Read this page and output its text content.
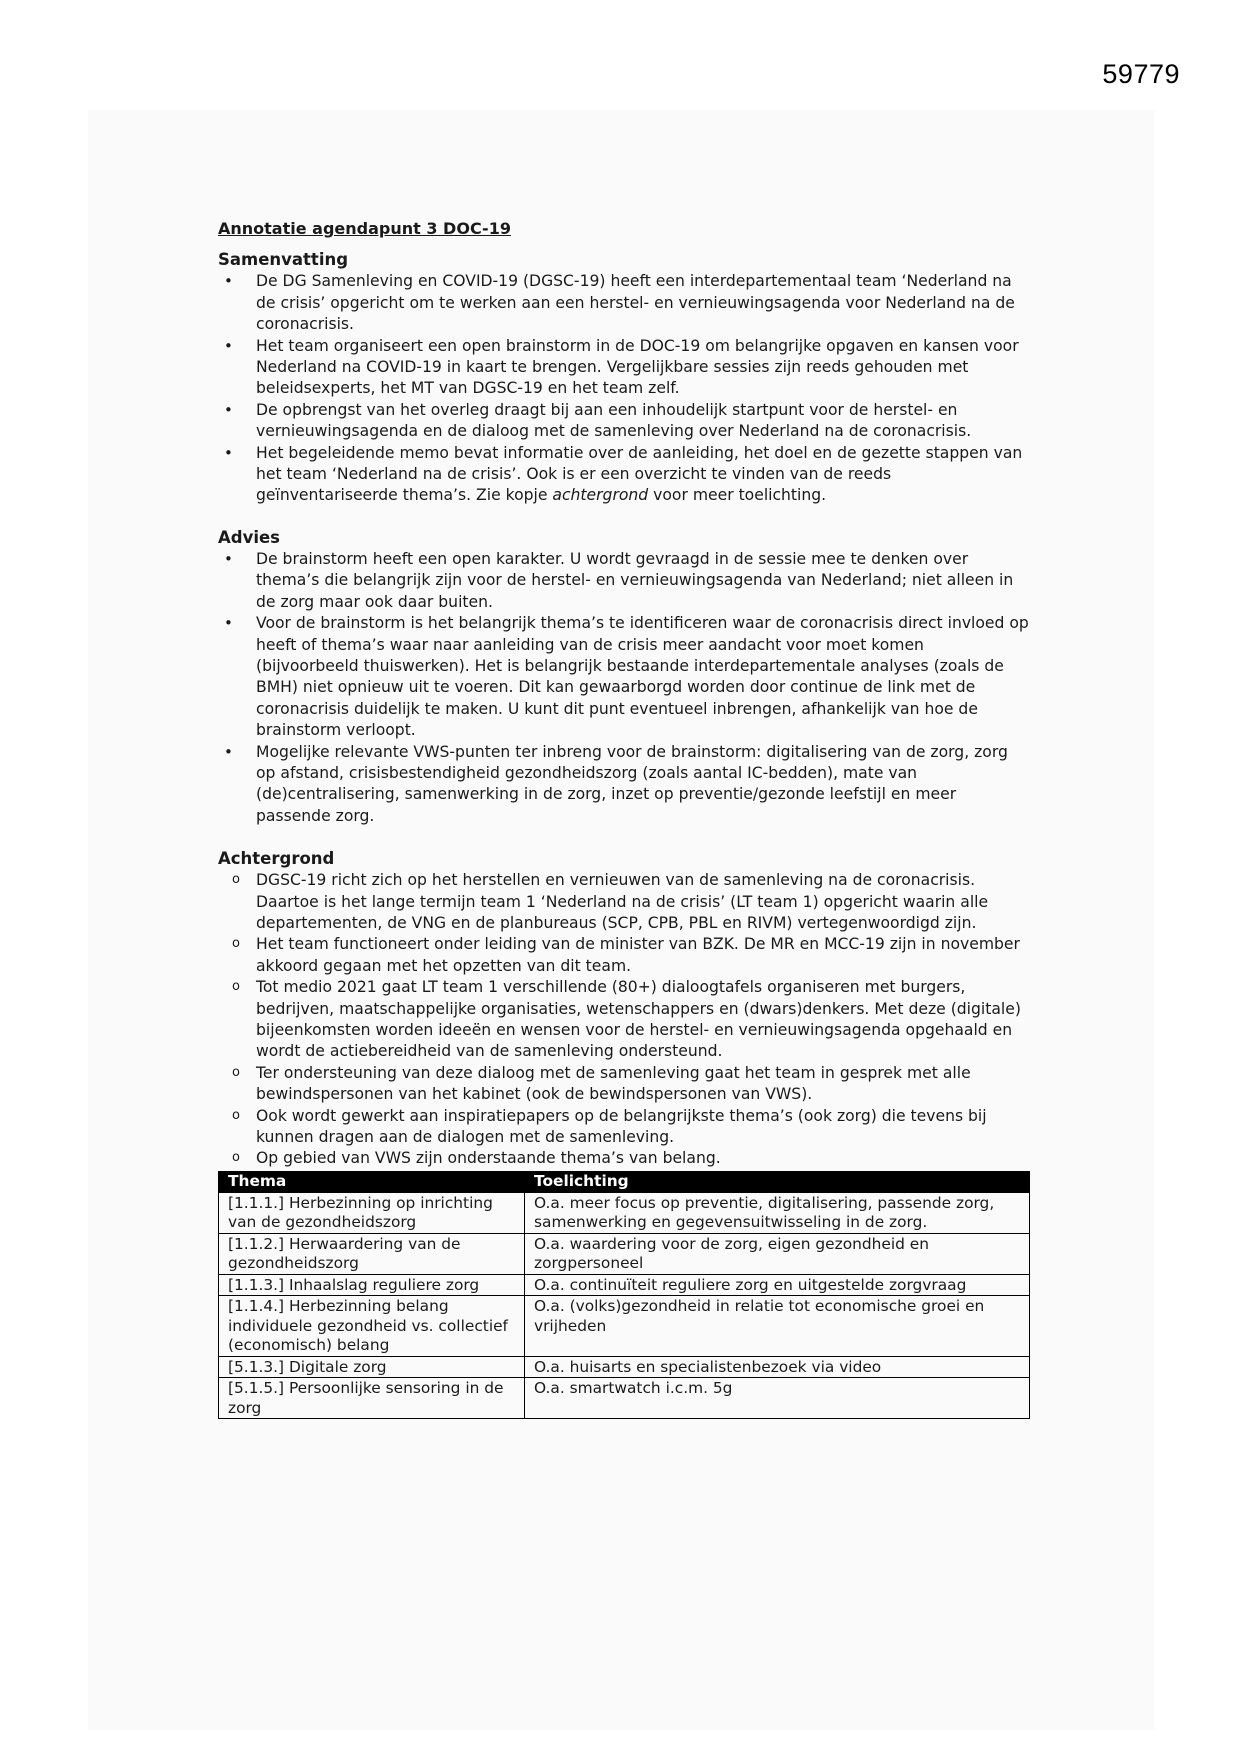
59779
Annotatie agendapunt 3 DOC-19
Samenvatting
• De DG Samenleving en COVID-19 (DGSC-19) heeft een interdepartementaal team ‘Nederland na de crisis’ opgericht om te werken aan een herstel- en vernieuwingsagenda voor Nederland na de coronacrisis.
• Het team organiseert een open brainstorm in de DOC-19 om belangrijke opgaven en kansen voor Nederland na COVID-19 in kaart te brengen. Vergelijkbare sessies zijn reeds gehouden met beleidsexperts, het MT van DGSC-19 en het team zelf.
• De opbrengst van het overleg draagt bij aan een inhoudelijk startpunt voor de herstel- en vernieuwingsagenda en de dialoog met de samenleving over Nederland na de coronacrisis.
• Het begeleidende memo bevat informatie over de aanleiding, het doel en de gezette stappen van het team ‘Nederland na de crisis’. Ook is er een overzicht te vinden van de reeds geïnventariseerde thema’s. Zie kopje achtergrond voor meer toelichting.
Advies
• De brainstorm heeft een open karakter. U wordt gevraagd in de sessie mee te denken over thema’s die belangrijk zijn voor de herstel- en vernieuwingsagenda van Nederland; niet alleen in de zorg maar ook daar buiten.
• Voor de brainstorm is het belangrijk thema’s te identificeren waar de coronacrisis direct invloed op heeft of thema’s waar naar aanleiding van de crisis meer aandacht voor moet komen (bijvoorbeeld thuiswerken). Het is belangrijk bestaande interdepartementale analyses (zoals de BMH) niet opnieuw uit te voeren. Dit kan gewaarborgd worden door continue de link met de coronacrisis duidelijk te maken. U kunt dit punt eventueel inbrengen, afhankelijk van hoe de brainstorm verloopt.
• Mogelijke relevante VWS-punten ter inbreng voor de brainstorm: digitalisering van de zorg, zorg op afstand, crisisbestendigheid gezondheidszorg (zoals aantal IC-bedden), mate van (de)centralisering, samenwerking in de zorg, inzet op preventie/gezonde leefstijl en meer passende zorg.
Achtergrond
o DGSC-19 richt zich op het herstellen en vernieuwen van de samenleving na de coronacrisis. Daartoe is het lange termijn team 1 ‘Nederland na de crisis’ (LT team 1) opgericht waarin alle departementen, de VNG en de planbureaus (SCP, CPB, PBL en RIVM) vertegenwoordigd zijn.
o Het team functioneert onder leiding van de minister van BZK. De MR en MCC-19 zijn in november akkoord gegaan met het opzetten van dit team.
o Tot medio 2021 gaat LT team 1 verschillende (80+) dialoogtafels organiseren met burgers, bedrijven, maatschappelijke organisaties, wetenschappers en (dwars)denkers. Met deze (digitale) bijeenkomsten worden ideeën en wensen voor de herstel- en vernieuwingsagenda opgehaald en wordt de actiebereidheid van de samenleving ondersteund.
o Ter ondersteuning van deze dialoog met de samenleving gaat het team in gesprek met alle bewindspersonen van het kabinet (ook de bewindspersonen van VWS).
o Ook wordt gewerkt aan inspiratiepapers op de belangrijkste thema’s (ook zorg) die tevens bij kunnen dragen aan de dialogen met de samenleving.
o Op gebied van VWS zijn onderstaande thema’s van belang.
Thema	Toelichting
[1.1.1.] Herbezinning op inrichting van de gezondheidszorg	O.a. meer focus op preventie, digitalisering, passende zorg, samenwerking en gegevensuitwisseling in de zorg.
[1.1.2.] Herwaardering van de gezondheidszorg	O.a. waardering voor de zorg, eigen gezondheid en zorgpersoneel
[1.1.3.] Inhaalslag reguliere zorg	O.a. continuïteit reguliere zorg en uitgestelde zorgvraag
[1.1.4.] Herbezinning belang individuele gezondheid vs. collectief (economisch) belang	O.a. (volks)gezondheid in relatie tot economische groei en vrijheden
[5.1.3.] Digitale zorg	O.a. huisarts en specialistenbezoek via video
[5.1.5.] Persoonlijke sensoring in de zorg	O.a. smartwatch i.c.m. 5g
